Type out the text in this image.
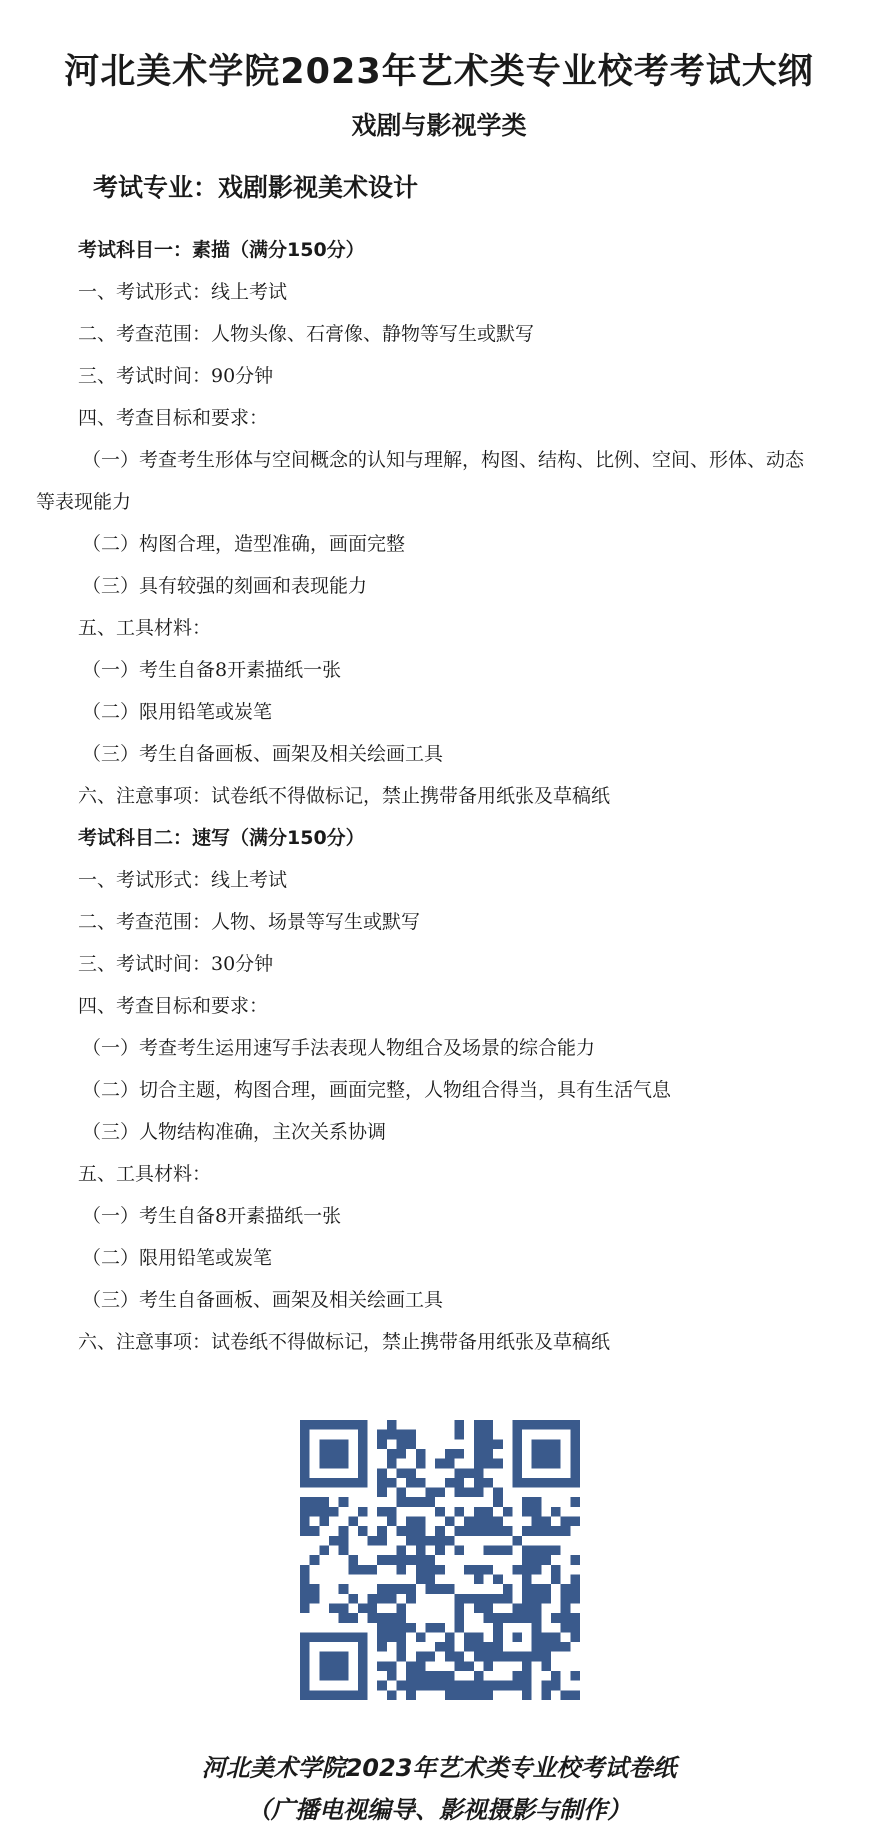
河北美术学院2023年艺术类专业校考考试大纲
戏剧与影视学类
考试专业：戏剧影视美术设计
考试科目一：素描（满分150分）
一、考试形式：线上考试
二、考查范围：人物头像、石膏像、静物等写生或默写
三、考试时间：90分钟
四、考查目标和要求：
（一）考查考生形体与空间概念的认知与理解，构图、结构、比例、空间、形体、动态
等表现能力
（二）构图合理，造型准确，画面完整
（三）具有较强的刻画和表现能力
五、工具材料：
（一）考生自备8开素描纸一张
（二）限用铅笔或炭笔
（三）考生自备画板、画架及相关绘画工具
六、注意事项：试卷纸不得做标记，禁止携带备用纸张及草稿纸
考试科目二：速写（满分150分）
一、考试形式：线上考试
二、考查范围：人物、场景等写生或默写
三、考试时间：30分钟
四、考查目标和要求：
（一）考查考生运用速写手法表现人物组合及场景的综合能力
（二）切合主题，构图合理，画面完整，人物组合得当，具有生活气息
（三）人物结构准确，主次关系协调
五、工具材料：
（一）考生自备8开素描纸一张
（二）限用铅笔或炭笔
（三）考生自备画板、画架及相关绘画工具
六、注意事项：试卷纸不得做标记，禁止携带备用纸张及草稿纸

河北美术学院2023年艺术类专业校考试卷纸

（广播电视编导、影视摄影与制作）
